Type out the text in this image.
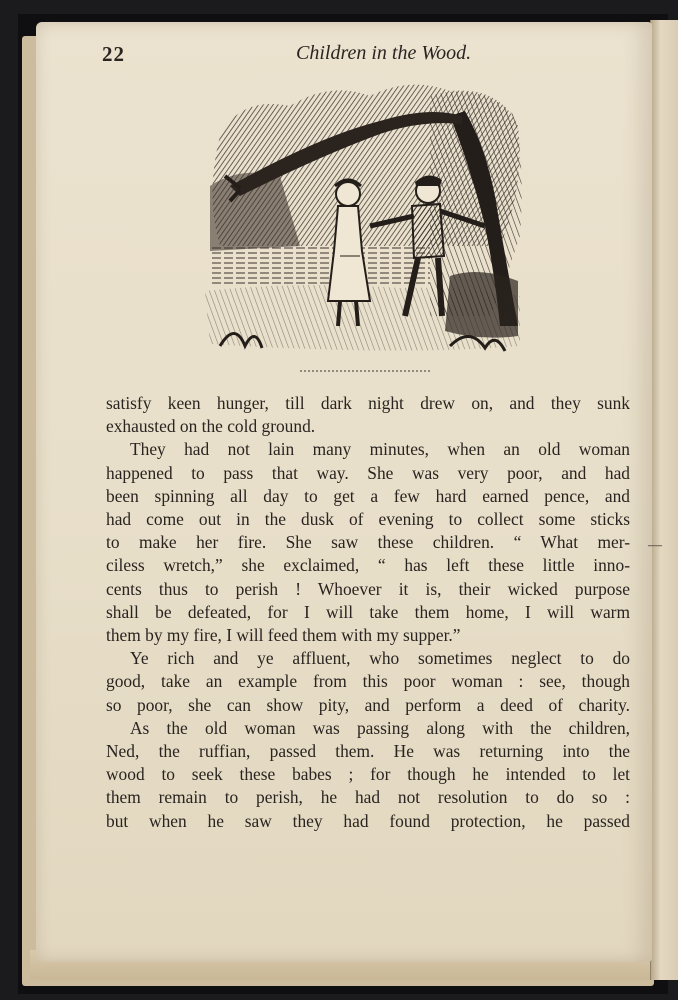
22	Children in the Wood.
satisfy keen hunger, till dark night drew on, and they sunk
exhausted on the cold ground.
They had not lain many minutes, when an old woman
happened to pass that way. She was very poor, and had
been spinning all day to get a few hard earned pence, and
had come out in the dusk of evening to collect some sticks
to make her fire. She saw these children. “ What mer-
ciless wretch,” she exclaimed, “ has left these little inno-
cents thus to perish ! Whoever it is, their wicked purpose
shall be defeated, for I will take them home, I will warm
them by my fire, I will feed them with my supper.”
Ye rich and ye affluent, who sometimes neglect to do
good, take an example from this poor woman : see, though
so poor, she can show pity, and perform a deed of charity.
As the old woman was passing along with the children,
Ned, the ruffian, passed them. He was returning into the
wood to seek these babes ; for though he intended to let
them remain to perish, he had not resolution to do so :
but when he saw they had found protection, he passed
—
